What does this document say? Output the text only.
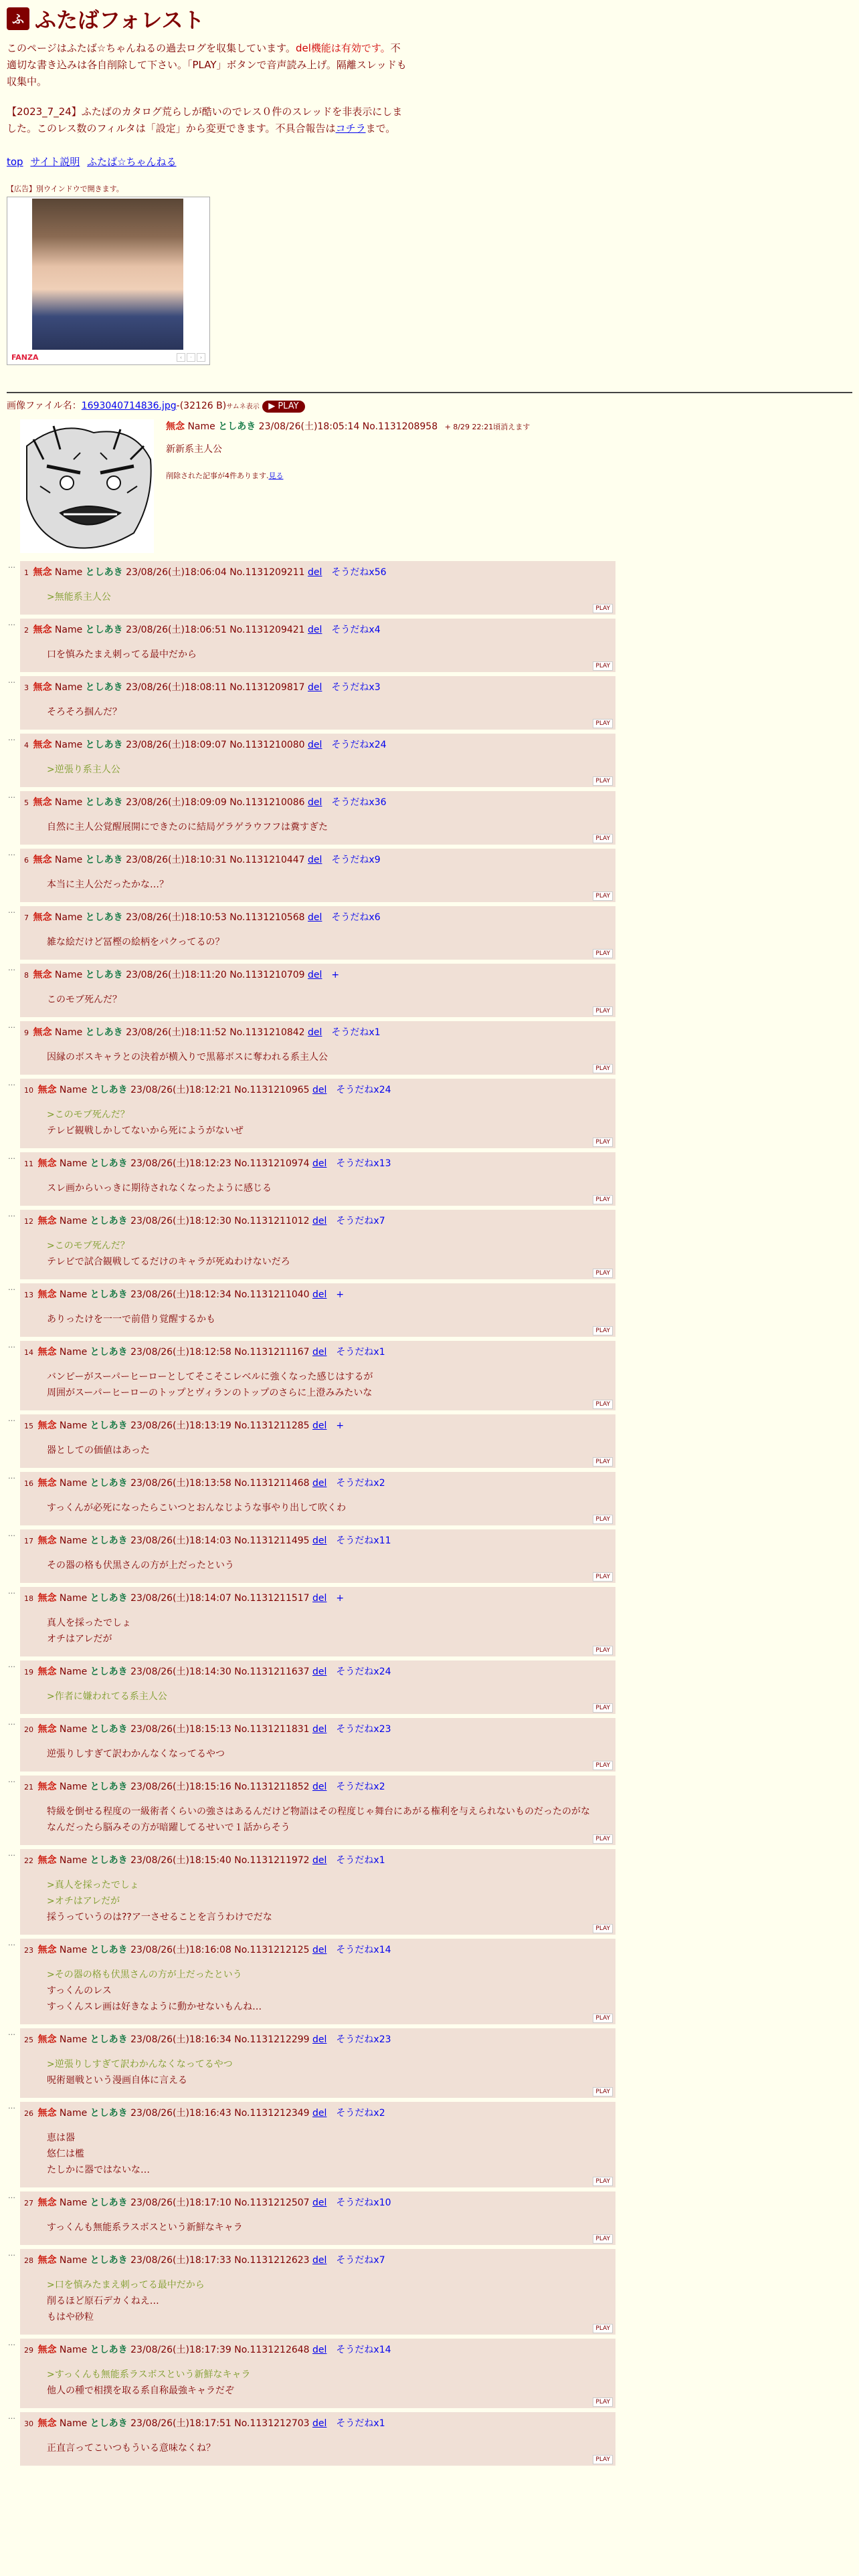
ふ ふたばフォレスト
このページはふたば☆ちゃんねるの過去ログを収集しています。del機能は有効です。不適切な書き込みは各自削除して下さい。「PLAY」ボタンで音声読み上げ。隔離スレッドも収集中。
【2023_7_24】ふたばのカタログ荒らしが酷いのでレス０件のスレッドを非表示にしました。このレス数のフィルタは「設定」から変更できます。不具合報告はコチラまで。
top サイト説明 ふたば☆ちゃんねる
【広告】別ウインドウで開きます。
FANZA	‹	·	›
画像ファイル名：1693040714836.jpg-(32126 B)サムネ表示 ▶ PLAY
無念 Name としあき 23/08/26(土)18:05:14 No.1131208958 + 8/29 22:21頃消えます
新新系主人公
削除された記事が4件あります.見る
…
1 無念 Name としあき 23/08/26(土)18:06:04 No.1131209211 del そうだねx56
>無能系主人公
PLAY
…
2 無念 Name としあき 23/08/26(土)18:06:51 No.1131209421 del そうだねx4
口を慎みたまえ刺ってる最中だから
PLAY
…
3 無念 Name としあき 23/08/26(土)18:08:11 No.1131209817 del そうだねx3
そろそろ掴んだ？
PLAY
…
4 無念 Name としあき 23/08/26(土)18:09:07 No.1131210080 del そうだねx24
>逆張り系主人公
PLAY
…
5 無念 Name としあき 23/08/26(土)18:09:09 No.1131210086 del そうだねx36
自然に主人公覚醒展開にできたのに結局ゲラゲラウフフは糞すぎた
PLAY
…
6 無念 Name としあき 23/08/26(土)18:10:31 No.1131210447 del そうだねx9
本当に主人公だったかな…？
PLAY
…
7 無念 Name としあき 23/08/26(土)18:10:53 No.1131210568 del そうだねx6
雑な絵だけど冨樫の絵柄をパクってるの？
PLAY
…
8 無念 Name としあき 23/08/26(土)18:11:20 No.1131210709 del +
このモブ死んだ？
PLAY
…
9 無念 Name としあき 23/08/26(土)18:11:52 No.1131210842 del そうだねx1
因縁のボスキャラとの決着が横入りで黒幕ボスに奪われる系主人公
PLAY
…
10 無念 Name としあき 23/08/26(土)18:12:21 No.1131210965 del そうだねx24
>このモブ死んだ？
テレビ観戦しかしてないから死にようがないぜ
PLAY
…
11 無念 Name としあき 23/08/26(土)18:12:23 No.1131210974 del そうだねx13
スレ画からいっきに期待されなくなったように感じる
PLAY
…
12 無念 Name としあき 23/08/26(土)18:12:30 No.1131211012 del そうだねx7
>このモブ死んだ？
テレビで試合観戦してるだけのキャラが死ぬわけないだろ
PLAY
…
13 無念 Name としあき 23/08/26(土)18:12:34 No.1131211040 del +
ありったけを一一で前借り覚醒するかも
PLAY
…
14 無念 Name としあき 23/08/26(土)18:12:58 No.1131211167 del そうだねx1
バンピーがスーパーヒーローとしてそこそこレベルに強くなった感じはするが
周囲がスーパーヒーローのトップとヴィランのトップのさらに上澄みみたいな
PLAY
…
15 無念 Name としあき 23/08/26(土)18:13:19 No.1131211285 del +
器としての価値はあった
PLAY
…
16 無念 Name としあき 23/08/26(土)18:13:58 No.1131211468 del そうだねx2
すっくんが必死になったらこいつとおんなじような事やり出して吹くわ
PLAY
…
17 無念 Name としあき 23/08/26(土)18:14:03 No.1131211495 del そうだねx11
その器の格も伏黒さんの方が上だったという
PLAY
…
18 無念 Name としあき 23/08/26(土)18:14:07 No.1131211517 del +
真人を採ったでしょ
オチはアレだが
PLAY
…
19 無念 Name としあき 23/08/26(土)18:14:30 No.1131211637 del そうだねx24
>作者に嫌われてる系主人公
PLAY
…
20 無念 Name としあき 23/08/26(土)18:15:13 No.1131211831 del そうだねx23
逆張りしすぎて訳わかんなくなってるやつ
PLAY
…
21 無念 Name としあき 23/08/26(土)18:15:16 No.1131211852 del そうだねx2
特級を倒せる程度の一級術者くらいの強さはあるんだけど物語はその程度じゃ舞台にあがる権利を与えられないものだったのがな
なんだったら脳みその方が暗躍してるせいで１話からそう
PLAY
…
22 無念 Name としあき 23/08/26(土)18:15:40 No.1131211972 del そうだねx1
>真人を採ったでしょ
>オチはアレだが
採うっていうのは??ア一させることを言うわけでだな
PLAY
…
23 無念 Name としあき 23/08/26(土)18:16:08 No.1131212125 del そうだねx14
>その器の格も伏黒さんの方が上だったという
すっくんのレス
すっくんスレ画は好きなように動かせないもんね…
PLAY
…
25 無念 Name としあき 23/08/26(土)18:16:34 No.1131212299 del そうだねx23
>逆張りしすぎて訳わかんなくなってるやつ
呪術廻戦という漫画自体に言える
PLAY
…
26 無念 Name としあき 23/08/26(土)18:16:43 No.1131212349 del そうだねx2
恵は器
悠仁は檻
たしかに器ではないな…
PLAY
…
27 無念 Name としあき 23/08/26(土)18:17:10 No.1131212507 del そうだねx10
すっくんも無能系ラスボスという新鮮なキャラ
PLAY
…
28 無念 Name としあき 23/08/26(土)18:17:33 No.1131212623 del そうだねx7
>口を慎みたまえ刺ってる最中だから
削るほど原石デカくねえ…
もはや砂粒
PLAY
…
29 無念 Name としあき 23/08/26(土)18:17:39 No.1131212648 del そうだねx14
>すっくんも無能系ラスボスという新鮮なキャラ
他人の種で相撲を取る系自称最強キャラだぞ
PLAY
…
30 無念 Name としあき 23/08/26(土)18:17:51 No.1131212703 del そうだねx1
正直言ってこいつもういる意味なくね？
PLAY
